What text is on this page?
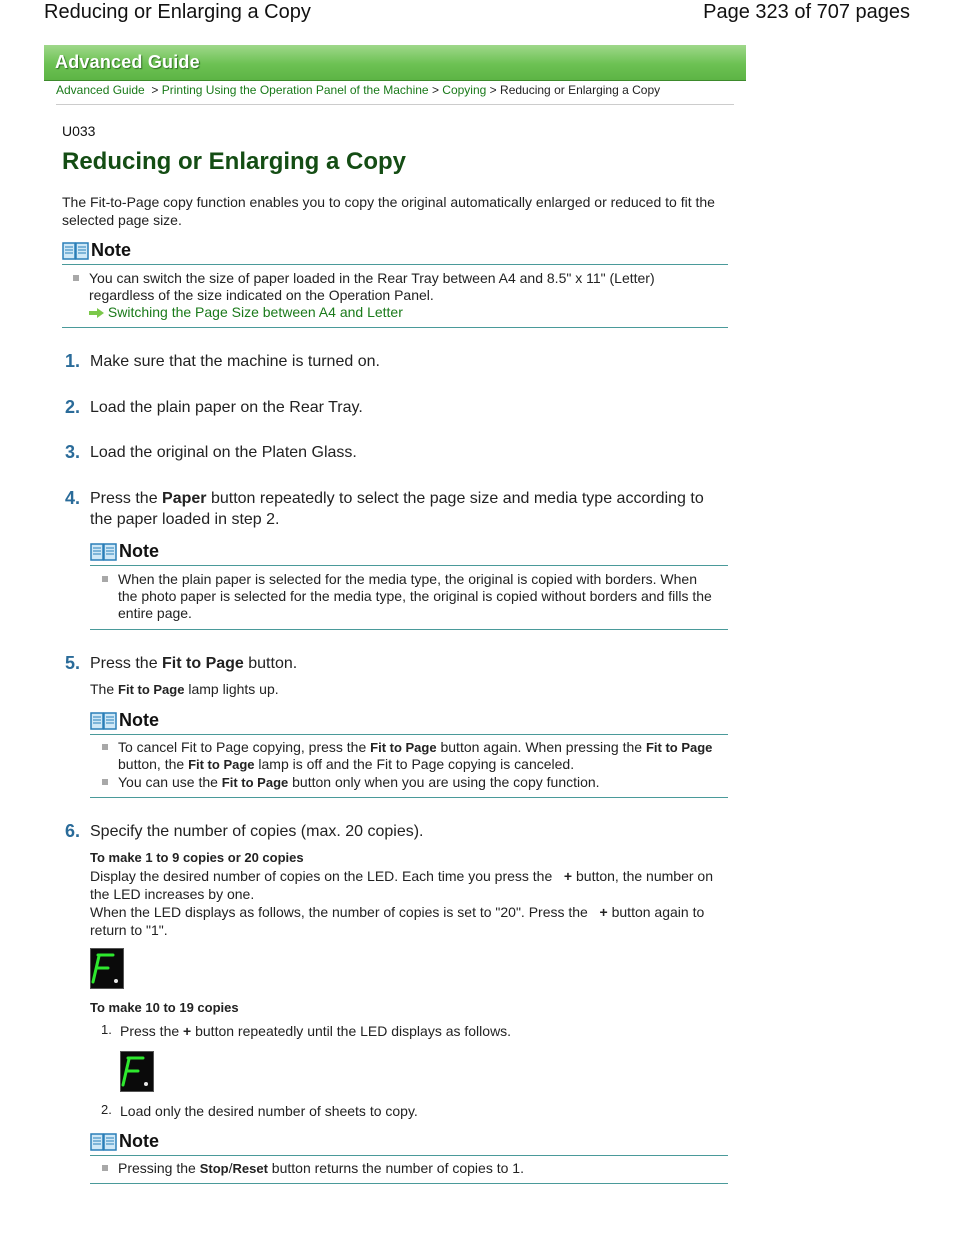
Reducing or Enlarging a Copy	Page 323 of 707 pages
Advanced Guide
Advanced Guide > Printing Using the Operation Panel of the Machine > Copying > Reducing or Enlarging a Copy
U033
Reducing or Enlarging a Copy
The Fit-to-Page copy function enables you to copy the original automatically enlarged or reduced to fit the selected page size.
Note
You can switch the size of paper loaded in the Rear Tray between A4 and 8.5" x 11" (Letter) regardless of the size indicated on the Operation Panel.
Switching the Page Size between A4 and Letter
1. Make sure that the machine is turned on.
2. Load the plain paper on the Rear Tray.
3. Load the original on the Platen Glass.
4. Press the Paper button repeatedly to select the page size and media type according to the paper loaded in step 2.
Note
When the plain paper is selected for the media type, the original is copied with borders. When the photo paper is selected for the media type, the original is copied without borders and fills the entire page.
5. Press the Fit to Page button.
The Fit to Page lamp lights up.
Note
To cancel Fit to Page copying, press the Fit to Page button again. When pressing the Fit to Page button, the Fit to Page lamp is off and the Fit to Page copying is canceled.
You can use the Fit to Page button only when you are using the copy function.
6. Specify the number of copies (max. 20 copies).
To make 1 to 9 copies or 20 copies
Display the desired number of copies on the LED. Each time you press the   + button, the number on the LED increases by one.
When the LED displays as follows, the number of copies is set to "20". Press the   + button again to return to "1".
To make 10 to 19 copies
1. Press the + button repeatedly until the LED displays as follows.
2. Load only the desired number of sheets to copy.
Note
Pressing the Stop/Reset button returns the number of copies to 1.
